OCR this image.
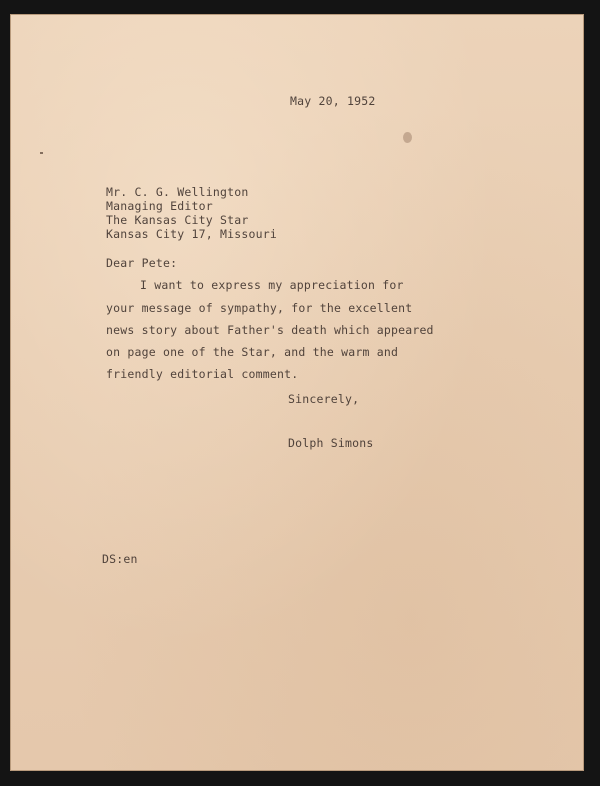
May 20, 1952
Mr. C. G. Wellington
Managing Editor
The Kansas City Star
Kansas City 17, Missouri
Dear Pete:
I want to express my appreciation for
your message of sympathy, for the excellent
news story about Father's death which appeared
on page one of the Star, and the warm and
friendly editorial comment.
Sincerely,
Dolph Simons
DS:en
